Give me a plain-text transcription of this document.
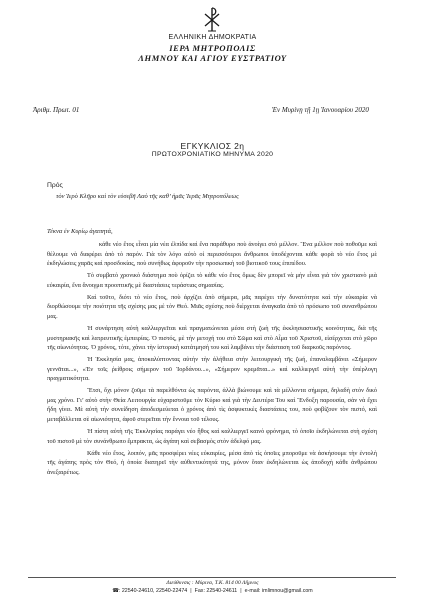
ΕΛΛΗΝΙΚΗ ΔΗΜΟΚΡΑΤΙΑ
ΙΕΡΑ ΜΗΤΡΟΠΟΛΙΣ
ΛΗΜΝΟΥ ΚΑΙ ΑΓΙΟΥ ΕΥΣΤΡΑΤΙΟΥ
Ἀριθμ. Πρωτ. 01	Ἐν Μυρίνῃ τῇ 1ῃ Ἰανουαρίου 2020
ΕΓΚΥΚΛΙΟΣ 2η
ΠΡΩΤΟΧΡΟΝΙΑΤΙΚΟ ΜΗΝΥΜΑ 2020
Πρός
τὸν Ἱερὸ Κλῆρο καὶ τὸν εὐσεβῆ Λαὸ τῆς καθ’ ἡμᾶς Ἱερᾶς Μητροπόλεως
Τέκνα ἐν Κυρίῳ ἀγαπητά,

κάθε νέο ἔτος εἶναι μία νέα ἐλπίδα καὶ ἕνα παράθυρο ποὺ ἀνοίγει στὸ μέλλον. Ἕνα μέλλον ποὺ ποθοῦμε καὶ θέλουμε νὰ διαφέρει ἀπὸ τὸ παρόν. Γιὰ τὸν λόγο αὐτὸ οἱ περισσότεροι ἄνθρωποι ὑποδέχονται κάθε φορὰ τὸ νέο ἔτος μὲ ἐκδηλώσεις χαρᾶς καὶ προσδοκίας, ποὺ συνήθως ἀφοροῦν τὴν προσωπικὴ τοῦ βιοτικοῦ τους ἐπιπέδου.

Τὸ συμβατὸ χρονικὸ διάστημα ποὺ ὁρίζει τὸ κάθε νέο ἔτος ὅμως δὲν μπορεῖ νὰ μὴν εἶναι γιὰ τὸν χριστιανὸ μιὰ εὐκαιρία, ἕνα ἄνοιγμα προοπτικῆς μὲ διαστάσεις τεράστιας σημασίας.

Καὶ τοῦτο, διότι τὸ νέο ἔτος, ποὺ ἀρχίζει ἀπὸ σήμερα, μᾶς παρέχει τὴν δυνατότητα καὶ τὴν εὐκαιρία νὰ διορθώσουμε τὴν ποιότητα τῆς σχέσης μας μὲ τὸν Θεό. Μιᾶς σχέσης ποὺ διέρχεται ἀναγκαῖα ἀπὸ τὸ πρόσωπο τοῦ συνανθρώπου μας.

Ἡ συνάρτηση αὐτὴ καλλιεργεῖται καὶ πραγματώνεται μέσα στὴ ζωὴ τῆς ἐκκλησιαστικῆς κοινότητας, διὰ τῆς μυστηριακῆς καὶ λατρευτικῆς ἐμπειρίας. Ὁ πιστός, μὲ τὴν μετοχή του στὸ Σῶμα καὶ στὸ Αἷμα τοῦ Χριστοῦ, εἰσέρχεται στὸ χῶρο τῆς αἰωνιότητας. Ὁ χρόνος, τότε, χάνει τὴν ἱστορικὴ κατάτμησή του καὶ λαμβάνει τὴν διάσταση τοῦ διαρκοῦς παρόντος.

Ἡ Ἐκκλησία μας, ἀποκαλύπτοντας αὐτὴν τὴν ἀλήθεια στὴν λειτουργικὴ τῆς ζωή, ἐπαναλαμβάνει «Σήμερον γεννᾶται...», «Ἐν τοῖς ῥείθροις σήμερον τοῦ Ἰορδάνου...», «Σήμερον κρεμᾶται...» καὶ καλλιεργεῖ αὐτὴ τὴν ὑπέρλογη πραγματικότητα.

Ἔτσι, ὄχι μόνον ζοῦμε τὰ παρελθόντα ὡς παρόντα, ἀλλὰ βιώνουμε καὶ τὰ μέλλοντα σήμερα, δηλαδὴ στὸν δικό μας χρόνο. Γι’ αὐτὸ στὴν Θεία Λειτουργία εὐχαριστοῦμε τὸν Κύριο καὶ γιὰ τὴν Δευτέρα Του καὶ Ἔνδοξη παρουσία, σὰν νὰ ἔχει ἤδη γίνει. Μὲ αὐτὴ τὴν συνείδηση ἀποδεσμεύεται ὁ χρόνος ἀπὸ τὶς ἀσφυκτικὲς διαστάσεις του, ποὺ φοβίζουν τὸν πιστό, καὶ μεταβάλλεται σὲ αἰωνιότητα, ἀφοῦ στερεῖται τὴν ἔννοια τοῦ τέλους.

Ἡ πίστη αὐτὴ τῆς Ἐκκλησίας παράγει νέο ἦθος καὶ καλλιεργεῖ καινὸ φρόνημα, τὸ ὁποῖο ἐκδηλώνεται στὴ σχέση τοῦ πιστοῦ μὲ τὸν συνάνθρωπο ἔμπρακτα, ὡς ἀγάπη καὶ σεβασμὸς στὸν ἀδελφό μας.

Κάθε νέο ἔτος, λοιπόν, μᾶς προσφέρει νέες εὐκαιρίες, μέσα ἀπὸ τὶς ὁποῖες μποροῦμε νὰ ἀσκήσουμε τὴν ἐντολὴ τῆς ἀγάπης πρὸς τὸν Θεό, ἡ ὁποία διατηρεῖ τὴν αὐθεντικότητά της, μόνον ὅταν ἐκδηλώνεται ὡς ἀποδοχὴ κάθε ἀνθρώπου ἀνεξαιρέτως.

Διεύθυνσις : Μύρινα, Τ.Κ. 814 00 Λῆμνος
☎: 22540-24610, 22540-22474 | Fax: 22540-24611 | e-mail: imlimnou@gmail.com
